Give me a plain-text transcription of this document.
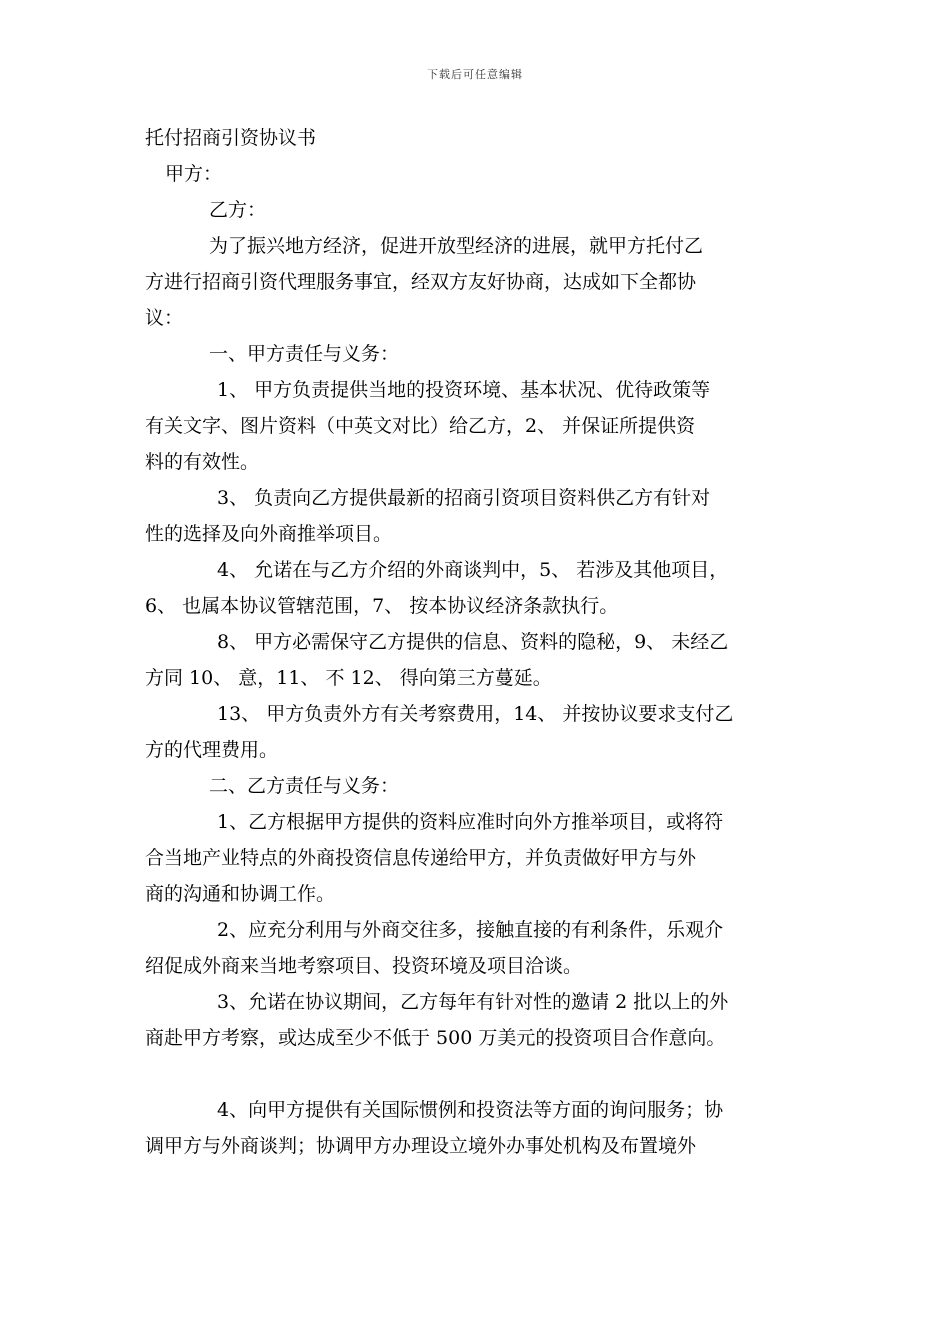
下载后可任意编辑

托付招商引资协议书

甲方：

乙方：

为了振兴地方经济，促进开放型经济的进展，就甲方托付乙

方进行招商引资代理服务事宜，经双方友好协商，达成如下全都协

议：

一、甲方责任与义务：

1、 甲方负责提供当地的投资环境、基本状况、优待政策等

有关文字、图片资料（中英文对比）给乙方，2、 并保证所提供资

料的有效性。

3、 负责向乙方提供最新的招商引资项目资料供乙方有针对

性的选择及向外商推举项目。

4、 允诺在与乙方介绍的外商谈判中，5、 若涉及其他项目，

6、 也属本协议管辖范围，7、 按本协议经济条款执行。

8、 甲方必需保守乙方提供的信息、资料的隐秘，9、 未经乙

方同 10、 意，11、 不 12、 得向第三方蔓延。

13、 甲方负责外方有关考察费用，14、 并按协议要求支付乙

方的代理费用。

二、乙方责任与义务：

1、乙方根据甲方提供的资料应准时向外方推举项目，或将符

合当地产业特点的外商投资信息传递给甲方，并负责做好甲方与外

商的沟通和协调工作。

2、应充分利用与外商交往多，接触直接的有利条件，乐观介

绍促成外商来当地考察项目、投资环境及项目洽谈。

3、允诺在协议期间，乙方每年有针对性的邀请 2 批以上的外

商赴甲方考察，或达成至少不低于 500 万美元的投资项目合作意向。

4、向甲方提供有关国际惯例和投资法等方面的询问服务；协

调甲方与外商谈判；协调甲方办理设立境外办事处机构及布置境外
